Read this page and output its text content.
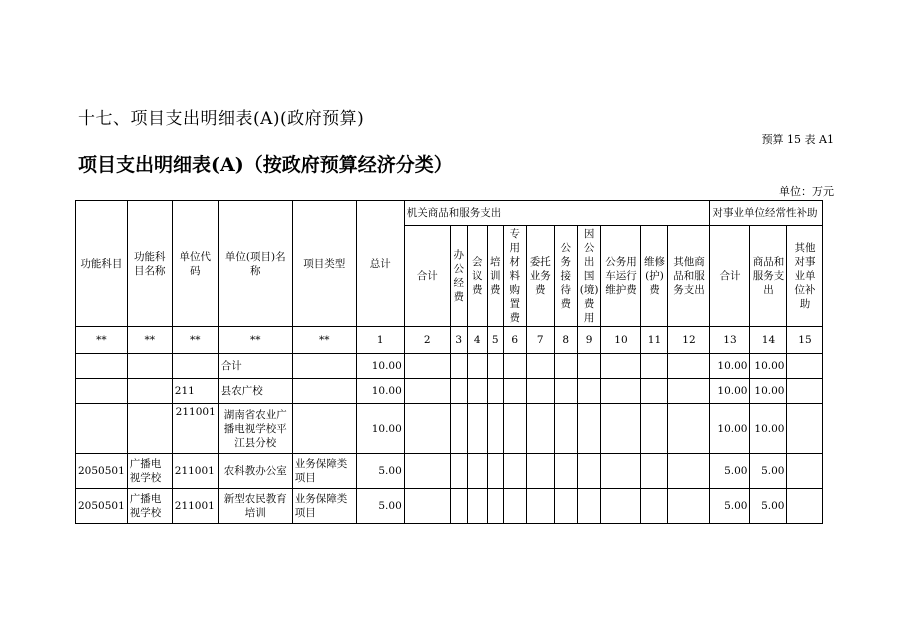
十七、项目支出明细表(A)(政府预算)
预算 15 表 A1
项目支出明细表(A)（按政府预算经济分类）
单位：万元
功能科目	功能科目名称	单位代码	单位(项目)名称	项目类型	总计	机关商品和服务支出											对事业单位经常性补助		
						合计	办公经费	会议费	培训费	专用材料购置费	委托业务费	公务接待费	因公出国(境)费用	公务用车运行维护费	维修(护)费	其他商品和服务支出	合计	商品和服务支出	其他对事业单位补助
**	**	**	**	**	1	2	3	4	5	6	7	8	9	10	11	12	13	14	15
			合计		10.00												10.00	10.00	
		211	县农广校		10.00												10.00	10.00	
		211001	湖南省农业广播电视学校平江县分校		10.00												10.00	10.00	
2050501	广播电视学校	211001	农科教办公室	业务保障类项目	5.00												5.00	5.00	
2050501	广播电视学校	211001	新型农民教育培训	业务保障类项目	5.00												5.00	5.00	
